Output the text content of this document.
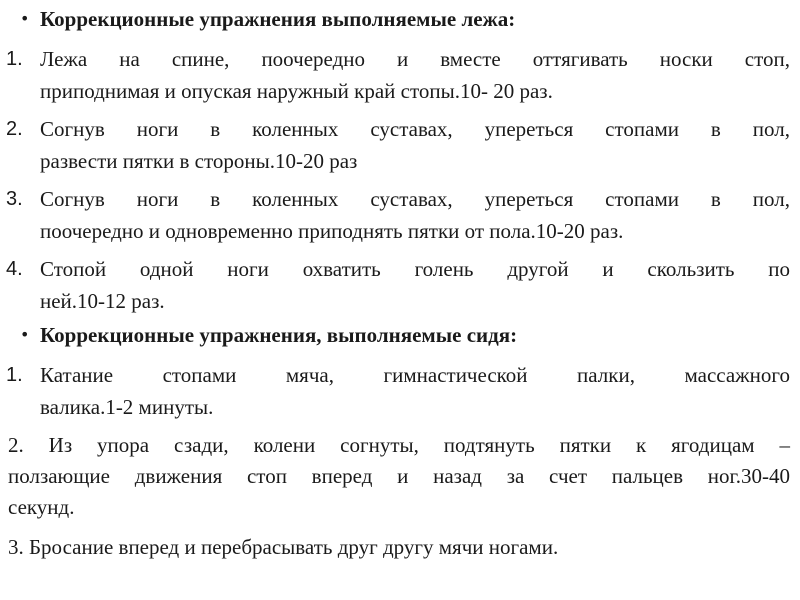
• Коррекционные упражнения выполняемые лежа:
1. Лежа на спине, поочередно и вместе оттягивать носки стоп,
приподнимая и опуская наружный край стопы.10- 20 раз.
2. Согнув ноги в коленных суставах, упереться стопами в пол,
развести пятки в стороны.10-20 раз
3. Согнув ноги в коленных суставах, упереться стопами в пол,
поочередно и одновременно приподнять пятки от пола.10-20 раз.
4. Стопой одной ноги охватить голень другой и скользить по
ней.10-12 раз.
• Коррекционные упражнения, выполняемые сидя:
1. Катание стопами мяча, гимнастической палки, массажного
валика.1-2 минуты.
2. Из упора сзади, колени согнуты, подтянуть пятки к ягодицам –
ползающие движения стоп вперед и назад за счет пальцев ног.30-40
секунд.
3. Бросание вперед и перебрасывать друг другу мячи ногами.
